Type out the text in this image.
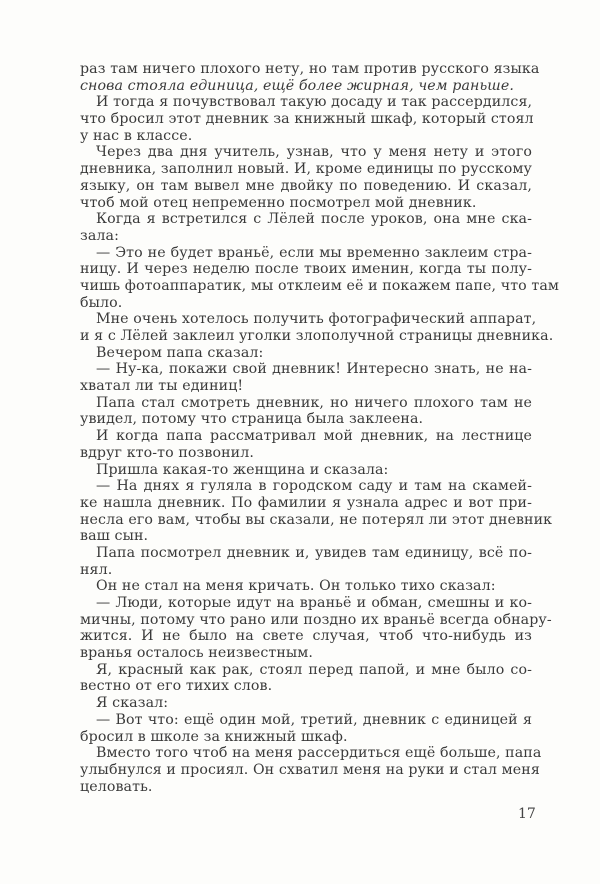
раз там ничего плохого нету, но там против русского языка
снова стояла единица, ещё более жирная, чем раньше.
И тогда я почувствовал такую досаду и так рассердился,
что бросил этот дневник за книжный шкаф, который стоял
у нас в классе.
Через два дня учитель, узнав, что у меня нету и этого
дневника, заполнил новый. И, кроме единицы по русскому
языку, он там вывел мне двойку по поведению. И сказал,
чтоб мой отец непременно посмотрел мой дневник.
Когда я встретился с Лёлей после уроков, она мне ска-
зала:
— Это не будет враньё, если мы временно заклеим стра-
ницу. И через неделю после твоих именин, когда ты полу-
чишь фотоаппаратик, мы отклеим её и покажем папе, что там
было.
Мне очень хотелось получить фотографический аппарат,
и я с Лёлей заклеил уголки злополучной страницы дневника.
Вечером папа сказал:
— Ну-ка, покажи свой дневник! Интересно знать, не на-
хватал ли ты единиц!
Папа стал смотреть дневник, но ничего плохого там не
увидел, потому что страница была заклеена.
И когда папа рассматривал мой дневник, на лестнице
вдруг кто-то позвонил.
Пришла какая-то женщина и сказала:
— На днях я гуляла в городском саду и там на скамей-
ке нашла дневник. По фамилии я узнала адрес и вот при-
несла его вам, чтобы вы сказали, не потерял ли этот дневник
ваш сын.
Папа посмотрел дневник и, увидев там единицу, всё по-
нял.
Он не стал на меня кричать. Он только тихо сказал:
— Люди, которые идут на враньё и обман, смешны и ко-
мичны, потому что рано или поздно их враньё всегда обнару-
жится. И не было на свете случая, чтоб что-нибудь из
вранья осталось неизвестным.
Я, красный как рак, стоял перед папой, и мне было со-
вестно от его тихих слов.
Я сказал:
— Вот что: ещё один мой, третий, дневник с единицей я
бросил в школе за книжный шкаф.
Вместо того чтоб на меня рассердиться ещё больше, папа
улыбнулся и просиял. Он схватил меня на руки и стал меня
целовать.
17
